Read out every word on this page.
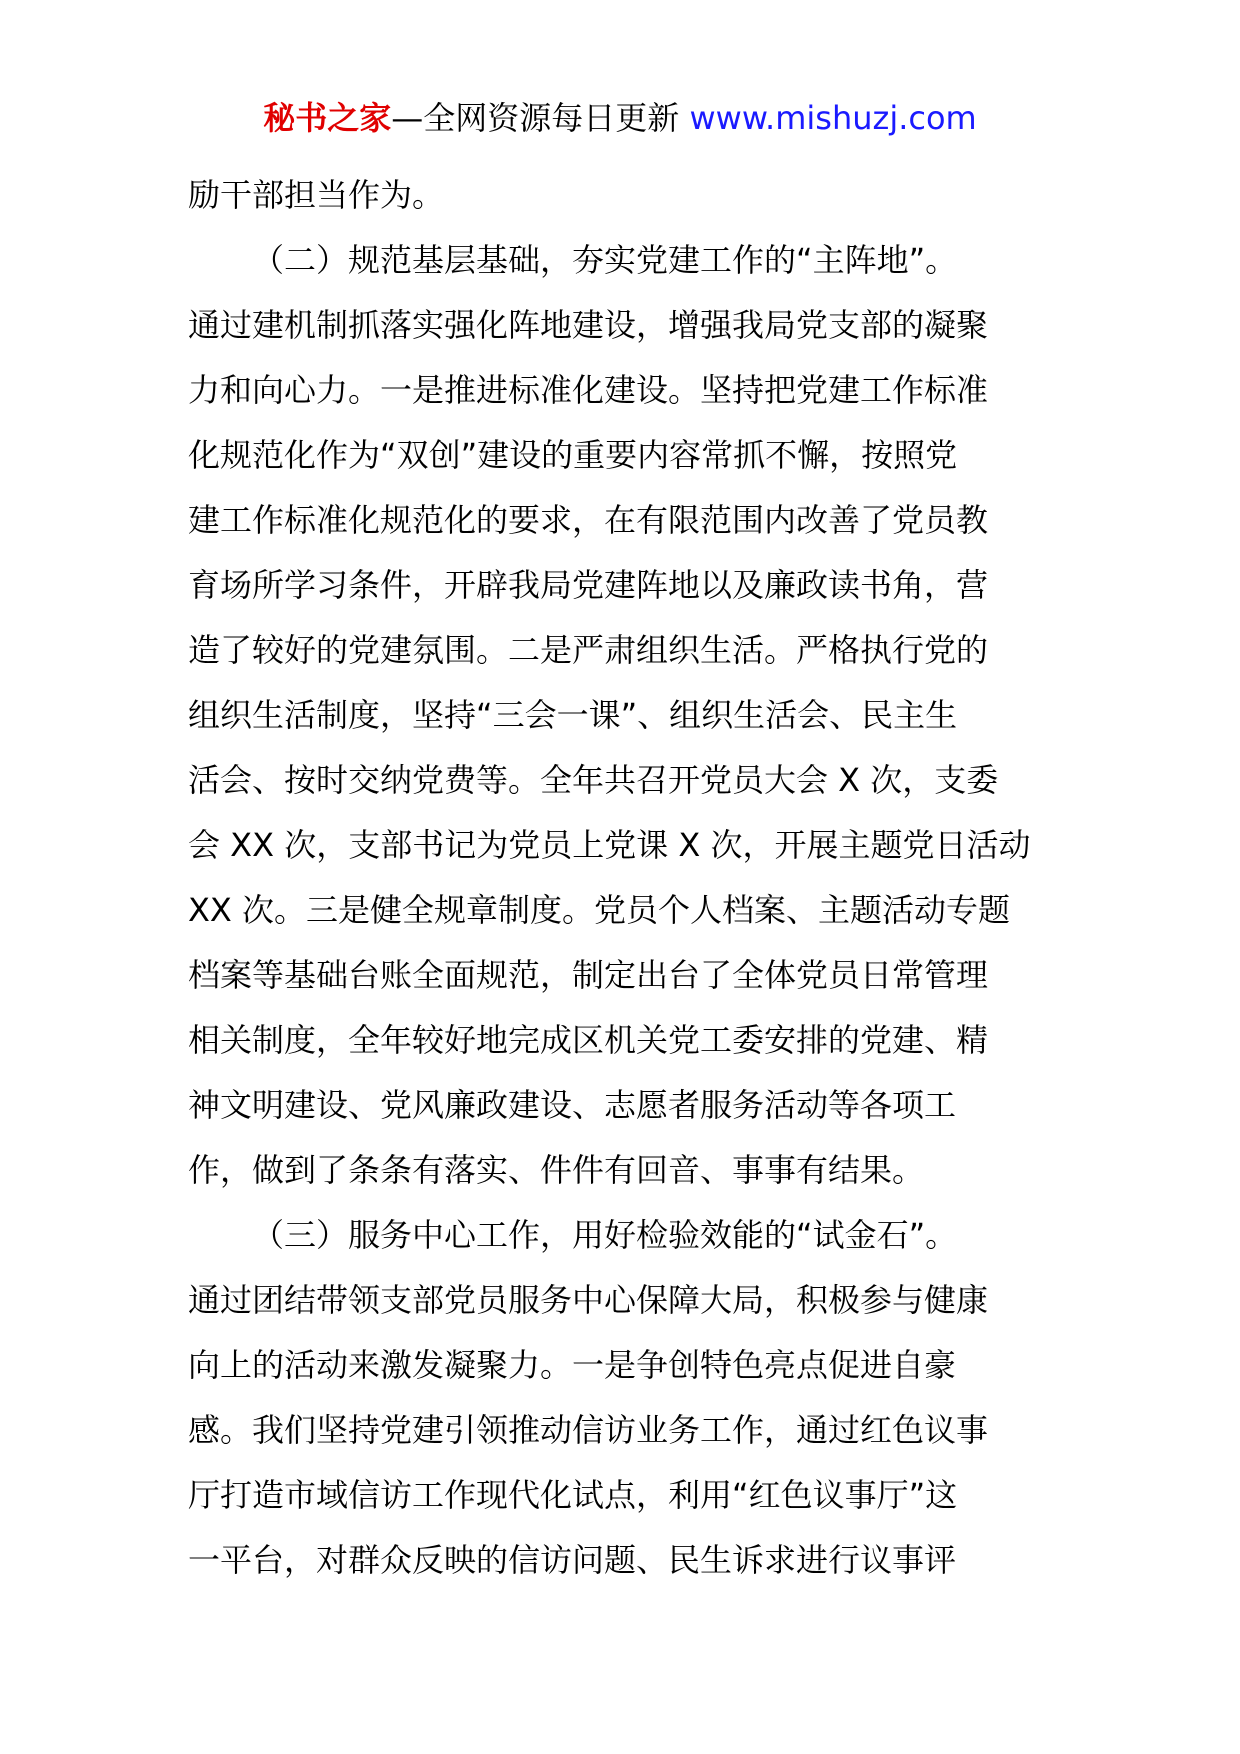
秘书之家—全网资源每日更新 www.mishuzj.com
励干部担当作为。
（二）规范基层基础，夯实党建工作的“主阵地”。
通过建机制抓落实强化阵地建设，增强我局党支部的凝聚
力和向心力。一是推进标准化建设。坚持把党建工作标准
化规范化作为“双创”建设的重要内容常抓不懈，按照党
建工作标准化规范化的要求，在有限范围内改善了党员教
育场所学习条件，开辟我局党建阵地以及廉政读书角，营
造了较好的党建氛围。二是严肃组织生活。严格执行党的
组织生活制度，坚持“三会一课”、组织生活会、民主生
活会、按时交纳党费等。全年共召开党员大会 X 次，支委
会 XX 次，支部书记为党员上党课 X 次，开展主题党日活动
XX 次。三是健全规章制度。党员个人档案、主题活动专题
档案等基础台账全面规范，制定出台了全体党员日常管理
相关制度，全年较好地完成区机关党工委安排的党建、精
神文明建设、党风廉政建设、志愿者服务活动等各项工
作，做到了条条有落实、件件有回音、事事有结果。
（三）服务中心工作，用好检验效能的“试金石”。
通过团结带领支部党员服务中心保障大局，积极参与健康
向上的活动来激发凝聚力。一是争创特色亮点促进自豪
感。我们坚持党建引领推动信访业务工作，通过红色议事
厅打造市域信访工作现代化试点，利用“红色议事厅”这
一平台，对群众反映的信访问题、民生诉求进行议事评
